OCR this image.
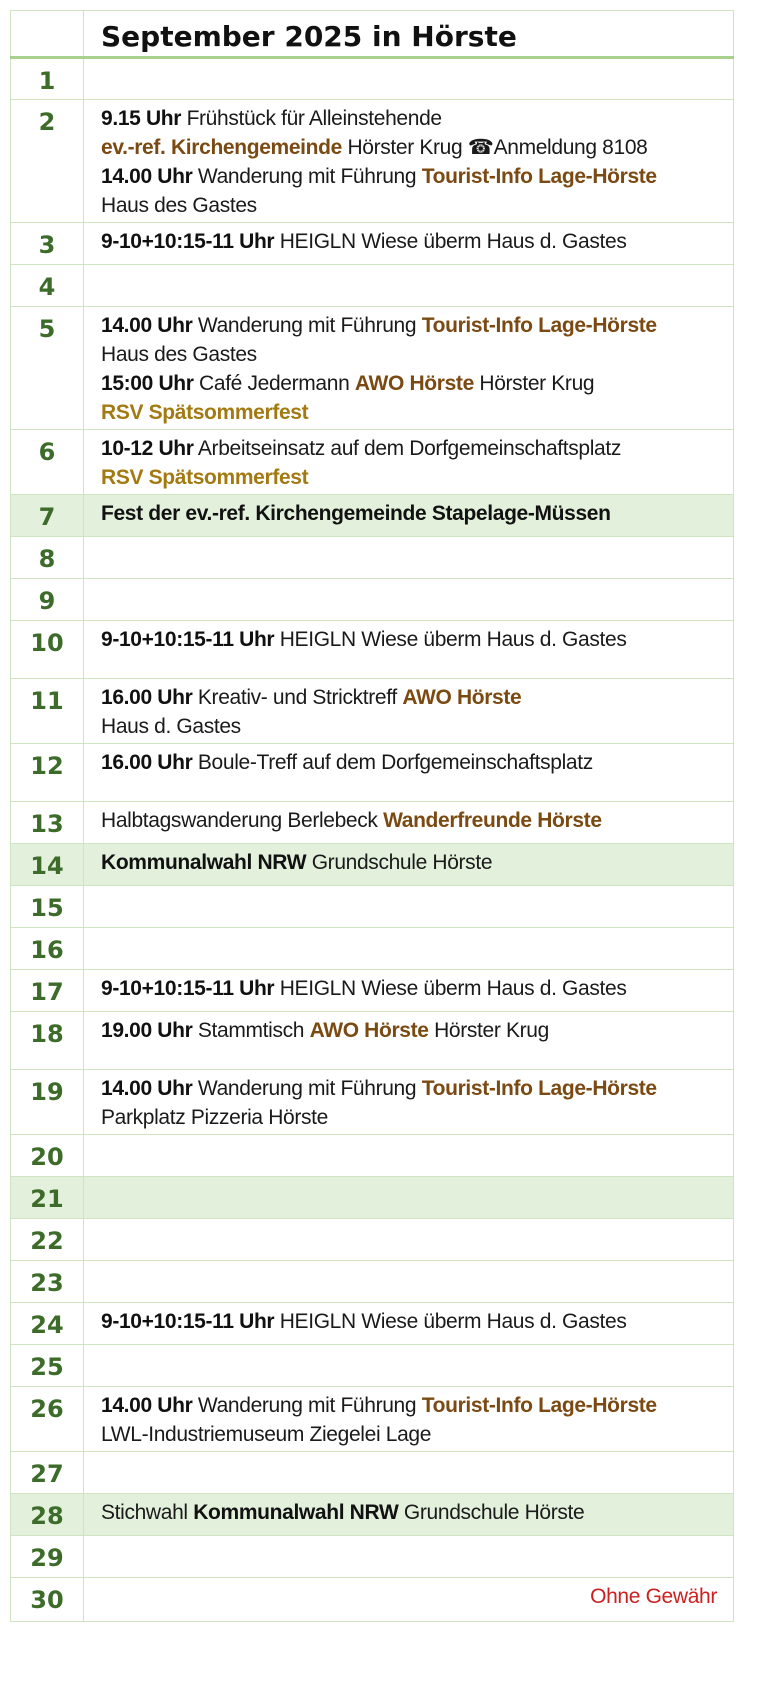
	September 2025 in Hörste
1	
2	9.15 Uhr Frühstück für Alleinstehende
ev.-ref. Kirchengemeinde Hörster Krug ☎Anmeldung 8108
14.00 Uhr Wanderung mit Führung Tourist-Info Lage-Hörste
Haus des Gastes

3	9-10+10:15-11 Uhr HEIGLN Wiese überm Haus d. Gastes

4	
5	14.00 Uhr Wanderung mit Führung Tourist-Info Lage-Hörste
Haus des Gastes
15:00 Uhr Café Jedermann AWO Hörste Hörster Krug
RSV Spätsommerfest

6	10-12 Uhr Arbeitseinsatz auf dem Dorfgemeinschaftsplatz
RSV Spätsommerfest

7	Fest der ev.-ref. Kirchengemeinde Stapelage-Müssen

8	
9	
10	9-10+10:15-11 Uhr HEIGLN Wiese überm Haus d. Gastes

11	16.00 Uhr Kreativ- und Stricktreff AWO Hörste
Haus d. Gastes

12	16.00 Uhr Boule-Treff auf dem Dorfgemeinschaftsplatz

13	Halbtagswanderung Berlebeck Wanderfreunde Hörste

14	Kommunalwahl NRW Grundschule Hörste

15	
16	
17	9-10+10:15-11 Uhr HEIGLN Wiese überm Haus d. Gastes

18	19.00 Uhr Stammtisch AWO Hörste Hörster Krug

19	14.00 Uhr Wanderung mit Führung Tourist-Info Lage-Hörste
Parkplatz Pizzeria Hörste

20	
21	
22	
23	
24	9-10+10:15-11 Uhr HEIGLN Wiese überm Haus d. Gastes

25	
26	14.00 Uhr Wanderung mit Führung Tourist-Info Lage-Hörste
LWL-Industriemuseum Ziegelei Lage

27	
28	Stichwahl Kommunalwahl NRW Grundschule Hörste

29	
30	Ohne Gewähr
